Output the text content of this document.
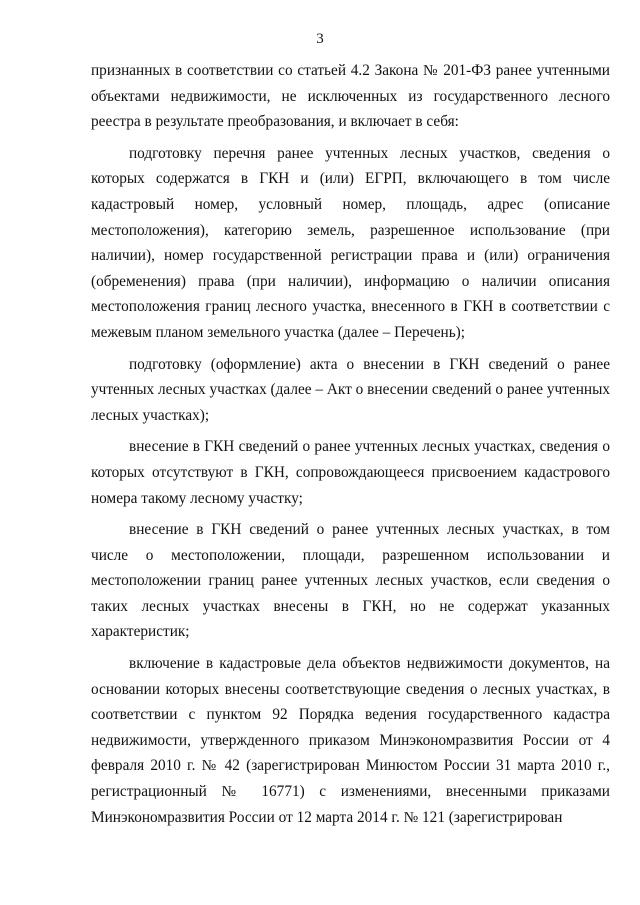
3

признанных в соответствии со статьей 4.2 Закона № 201-ФЗ ранее учтенными объектами недвижимости, не исключенных из государственного лесного реестра в результате преобразования, и включает в себя:

подготовку перечня ранее учтенных лесных участков, сведения о которых содержатся в ГКН и (или) ЕГРП, включающего в том числе кадастровый номер, условный номер, площадь, адрес (описание местоположения), категорию земель, разрешенное использование (при наличии), номер государственной регистрации права и (или) ограничения (обременения) права (при наличии), информацию о наличии описания местоположения границ лесного участка, внесенного в ГКН в соответствии с межевым планом земельного участка (далее – Перечень);

подготовку (оформление) акта о внесении в ГКН сведений о ранее учтенных лесных участках (далее – Акт о внесении сведений о ранее учтенных лесных участках);

внесение в ГКН сведений о ранее учтенных лесных участках, сведения о которых отсутствуют в ГКН, сопровождающееся присвоением кадастрового номера такому лесному участку;

внесение в ГКН сведений о ранее учтенных лесных участках, в том числе о местоположении, площади, разрешенном использовании и местоположении границ ранее учтенных лесных участков, если сведения о таких лесных участках внесены в ГКН, но не содержат указанных характеристик;

включение в кадастровые дела объектов недвижимости документов, на основании которых внесены соответствующие сведения о лесных участках, в соответствии с пунктом 92 Порядка ведения государственного кадастра недвижимости, утвержденного приказом Минэкономразвития России от 4 февраля 2010 г. № 42 (зарегистрирован Минюстом России 31 марта 2010 г., регистрационный № 16771) с изменениями, внесенными приказами Минэкономразвития России от 12 марта 2014 г. № 121 (зарегистрирован
